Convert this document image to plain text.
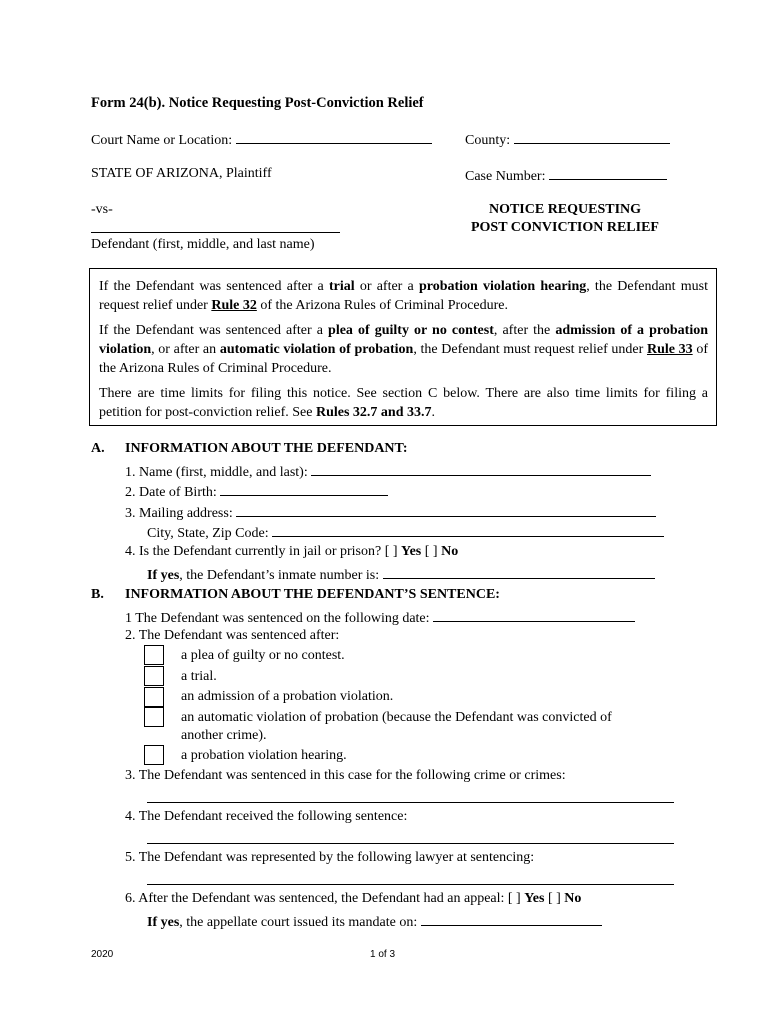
Form 24(b). Notice Requesting Post-Conviction Relief
Court Name or Location:	County:
STATE OF ARIZONA, Plaintiff	Case Number:
-vs-
Defendant (first, middle, and last name)
NOTICE REQUESTING
POST CONVICTION RELIEF

If the Defendant was sentenced after a trial or after a probation violation hearing, the Defendant must request relief under Rule 32 of the Arizona Rules of Criminal Procedure.

If the Defendant was sentenced after a plea of guilty or no contest, after the admission of a probation violation, or after an automatic violation of probation, the Defendant must request relief under Rule 33 of the Arizona Rules of Criminal Procedure.

There are time limits for filing this notice. See section C below. There are also time limits for filing a petition for post-conviction relief. See Rules 32.7 and 33.7.

A. INFORMATION ABOUT THE DEFENDANT:
1. Name (first, middle, and last):
2. Date of Birth:
3. Mailing address:
City, State, Zip Code:
4. Is the Defendant currently in jail or prison? [ ] Yes [ ] No
If yes, the Defendant’s inmate number is:
B. INFORMATION ABOUT THE DEFENDANT’S SENTENCE:
1 The Defendant was sentenced on the following date:
2. The Defendant was sentenced after:
a plea of guilty or no contest.
a trial.
an admission of a probation violation.
an automatic violation of probation (because the Defendant was convicted of
another crime).
a probation violation hearing.
3. The Defendant was sentenced in this case for the following crime or crimes:
4. The Defendant received the following sentence:
5. The Defendant was represented by the following lawyer at sentencing:
6. After the Defendant was sentenced, the Defendant had an appeal: [ ] Yes [ ] No
If yes, the appellate court issued its mandate on:
2020	1 of 3
